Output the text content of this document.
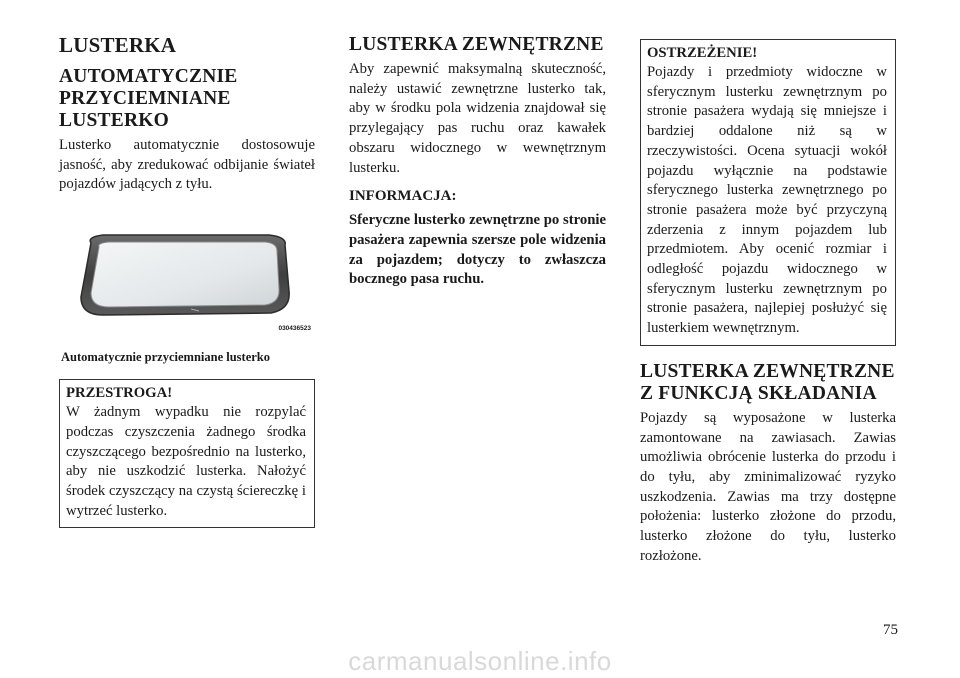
LUSTERKA
AUTOMATYCZNIE PRZYCIEMNIANE LUSTERKO

Lusterko automatycznie dostosowuje jasność, aby zredukować odbijanie świateł pojazdów jadących z tyłu.

030436523
Automatycznie przyciemniane lusterko
PRZESTROGA!

W żadnym wypadku nie rozpylać podczas czyszczenia żadnego środka czyszczącego bezpośrednio na lusterko, aby nie uszkodzić lusterka. Nałożyć środek czyszczący na czystą ściereczkę i wytrzeć lusterko.

LUSTERKA ZEWNĘTRZNE

Aby zapewnić maksymalną skuteczność, należy ustawić zewnętrzne lusterko tak, aby w środku pola widzenia znajdował się przylegający pas ruchu oraz kawałek obszaru widocznego w wewnętrznym lusterku.

INFORMACJA:

Sferyczne lusterko zewnętrzne po stronie pasażera zapewnia szersze pole widzenia za pojazdem; dotyczy to zwłaszcza bocznego pasa ruchu.

OSTRZEŻENIE!

Pojazdy i przedmioty widoczne w sferycznym lusterku zewnętrznym po stronie pasażera wydają się mniejsze i bardziej oddalone niż są w rzeczywistości. Ocena sytuacji wokół pojazdu wyłącznie na podstawie sferycznego lusterka zewnętrznego po stronie pasażera może być przyczyną zderzenia z innym pojazdem lub przedmiotem. Aby ocenić rozmiar i odległość pojazdu widocznego w sferycznym lusterku zewnętrznym po stronie pasażera, najlepiej posłużyć się lusterkiem wewnętrznym.

LUSTERKA ZEWNĘTRZNE Z FUNKCJĄ SKŁADANIA

Pojazdy są wyposażone w lusterka zamontowane na zawiasach. Zawias umożliwia obrócenie lusterka do przodu i do tyłu, aby zminimalizować ryzyko uszkodzenia. Zawias ma trzy dostępne położenia: lusterko złożone do przodu, lusterko złożone do tyłu, lusterko rozłożone.

75
carmanualsonline.info
